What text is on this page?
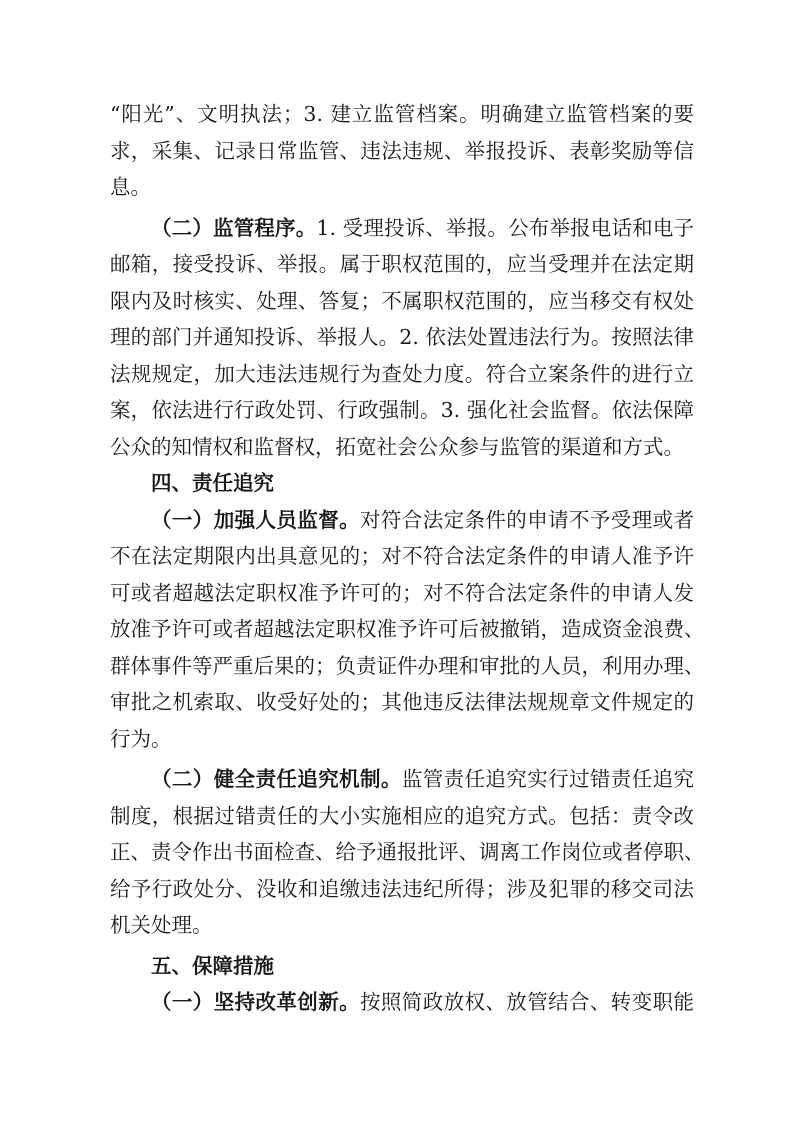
“阳光”、文明执法；3. 建立监管档案。明确建立监管档案的要
求，采集、记录日常监管、违法违规、举报投诉、表彰奖励等信
息。
（二）监管程序。1. 受理投诉、举报。公布举报电话和电子
邮箱，接受投诉、举报。属于职权范围的，应当受理并在法定期
限内及时核实、处理、答复；不属职权范围的，应当移交有权处
理的部门并通知投诉、举报人。2. 依法处置违法行为。按照法律
法规规定，加大违法违规行为查处力度。符合立案条件的进行立
案，依法进行行政处罚、行政强制。3. 强化社会监督。依法保障
公众的知情权和监督权，拓宽社会公众参与监管的渠道和方式。
四、责任追究
（一）加强人员监督。对符合法定条件的申请不予受理或者
不在法定期限内出具意见的；对不符合法定条件的申请人准予许
可或者超越法定职权准予许可的；对不符合法定条件的申请人发
放准予许可或者超越法定职权准予许可后被撤销，造成资金浪费、
群体事件等严重后果的；负责证件办理和审批的人员，利用办理、
审批之机索取、收受好处的；其他违反法律法规规章文件规定的
行为。
（二）健全责任追究机制。监管责任追究实行过错责任追究
制度，根据过错责任的大小实施相应的追究方式。包括：责令改
正、责令作出书面检查、给予通报批评、调离工作岗位或者停职、
给予行政处分、没收和追缴违法违纪所得；涉及犯罪的移交司法
机关处理。
五、保障措施
（一）坚持改革创新。按照简政放权、放管结合、转变职能
